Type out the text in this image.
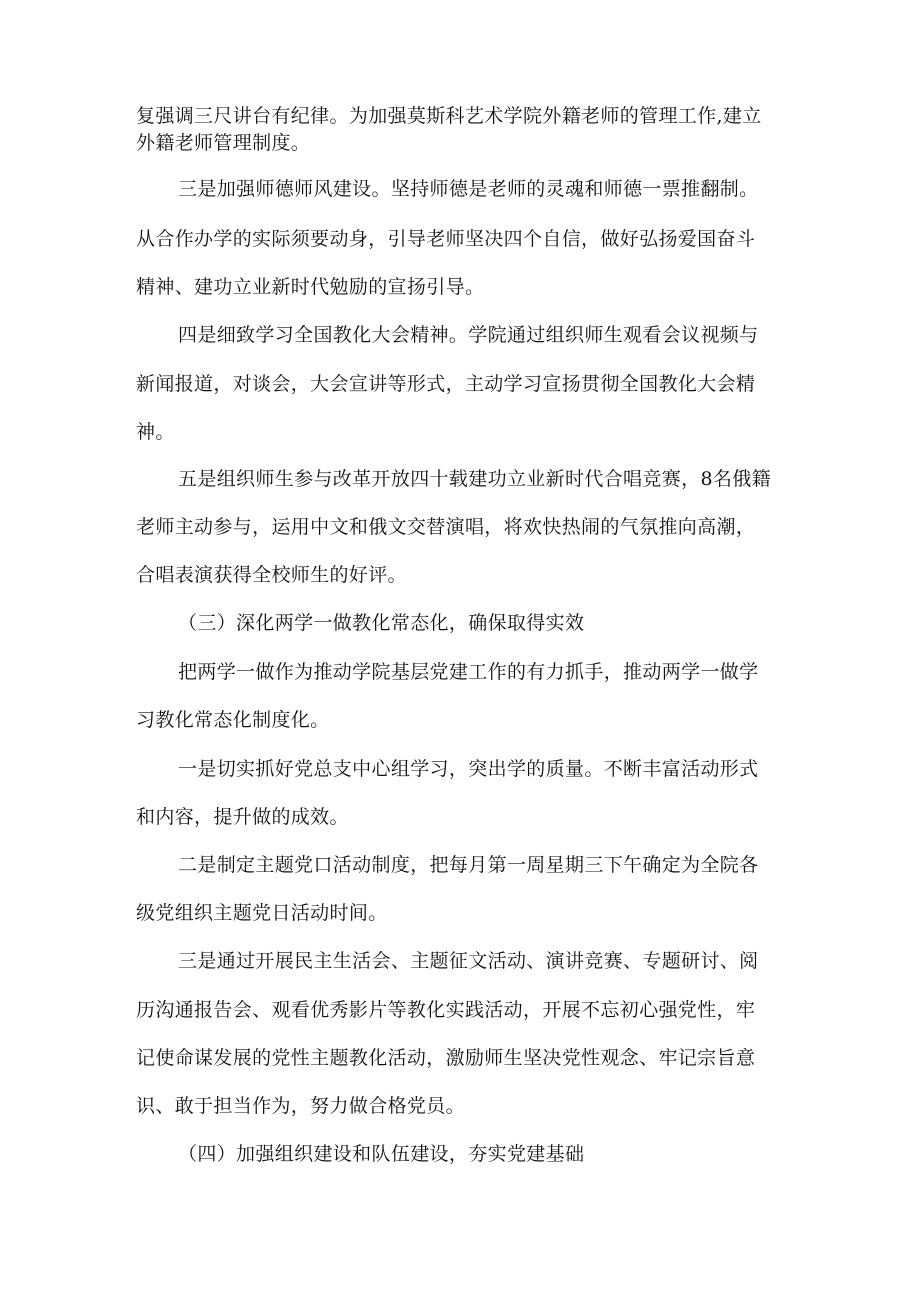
复强调三尺讲台有纪律。为加强莫斯科艺术学院外籍老师的管理工作,建立

外籍老师管理制度。

三是加强师德师风建设。坚持师德是老师的灵魂和师德一票推翻制。

从合作办学的实际须要动身，引导老师坚决四个自信，做好弘扬爱国奋斗

精神、建功立业新时代勉励的宣扬引导。

四是细致学习全国教化大会精神。学院通过组织师生观看会议视频与

新闻报道，对谈会，大会宣讲等形式，主动学习宣扬贯彻全国教化大会精

神。

五是组织师生参与改革开放四十载建功立业新时代合唱竞赛，8名俄籍

老师主动参与，运用中文和俄文交替演唱，将欢快热闹的气氛推向高潮，

合唱表演获得全校师生的好评。

（三）深化两学一做教化常态化，确保取得实效

把两学一做作为推动学院基层党建工作的有力抓手，推动两学一做学

习教化常态化制度化。

一是切实抓好党总支中心组学习，突出学的质量。不断丰富活动形式

和内容，提升做的成效。

二是制定主题党口活动制度，把每月第一周星期三下午确定为全院各

级党组织主题党日活动时间。

三是通过开展民主生活会、主题征文活动、演讲竞赛、专题研讨、阅

历沟通报告会、观看优秀影片等教化实践活动，开展不忘初心强党性，牢

记使命谋发展的党性主题教化活动，激励师生坚决党性观念、牢记宗旨意

识、敢于担当作为，努力做合格党员。

（四）加强组织建设和队伍建设，夯实党建基础
